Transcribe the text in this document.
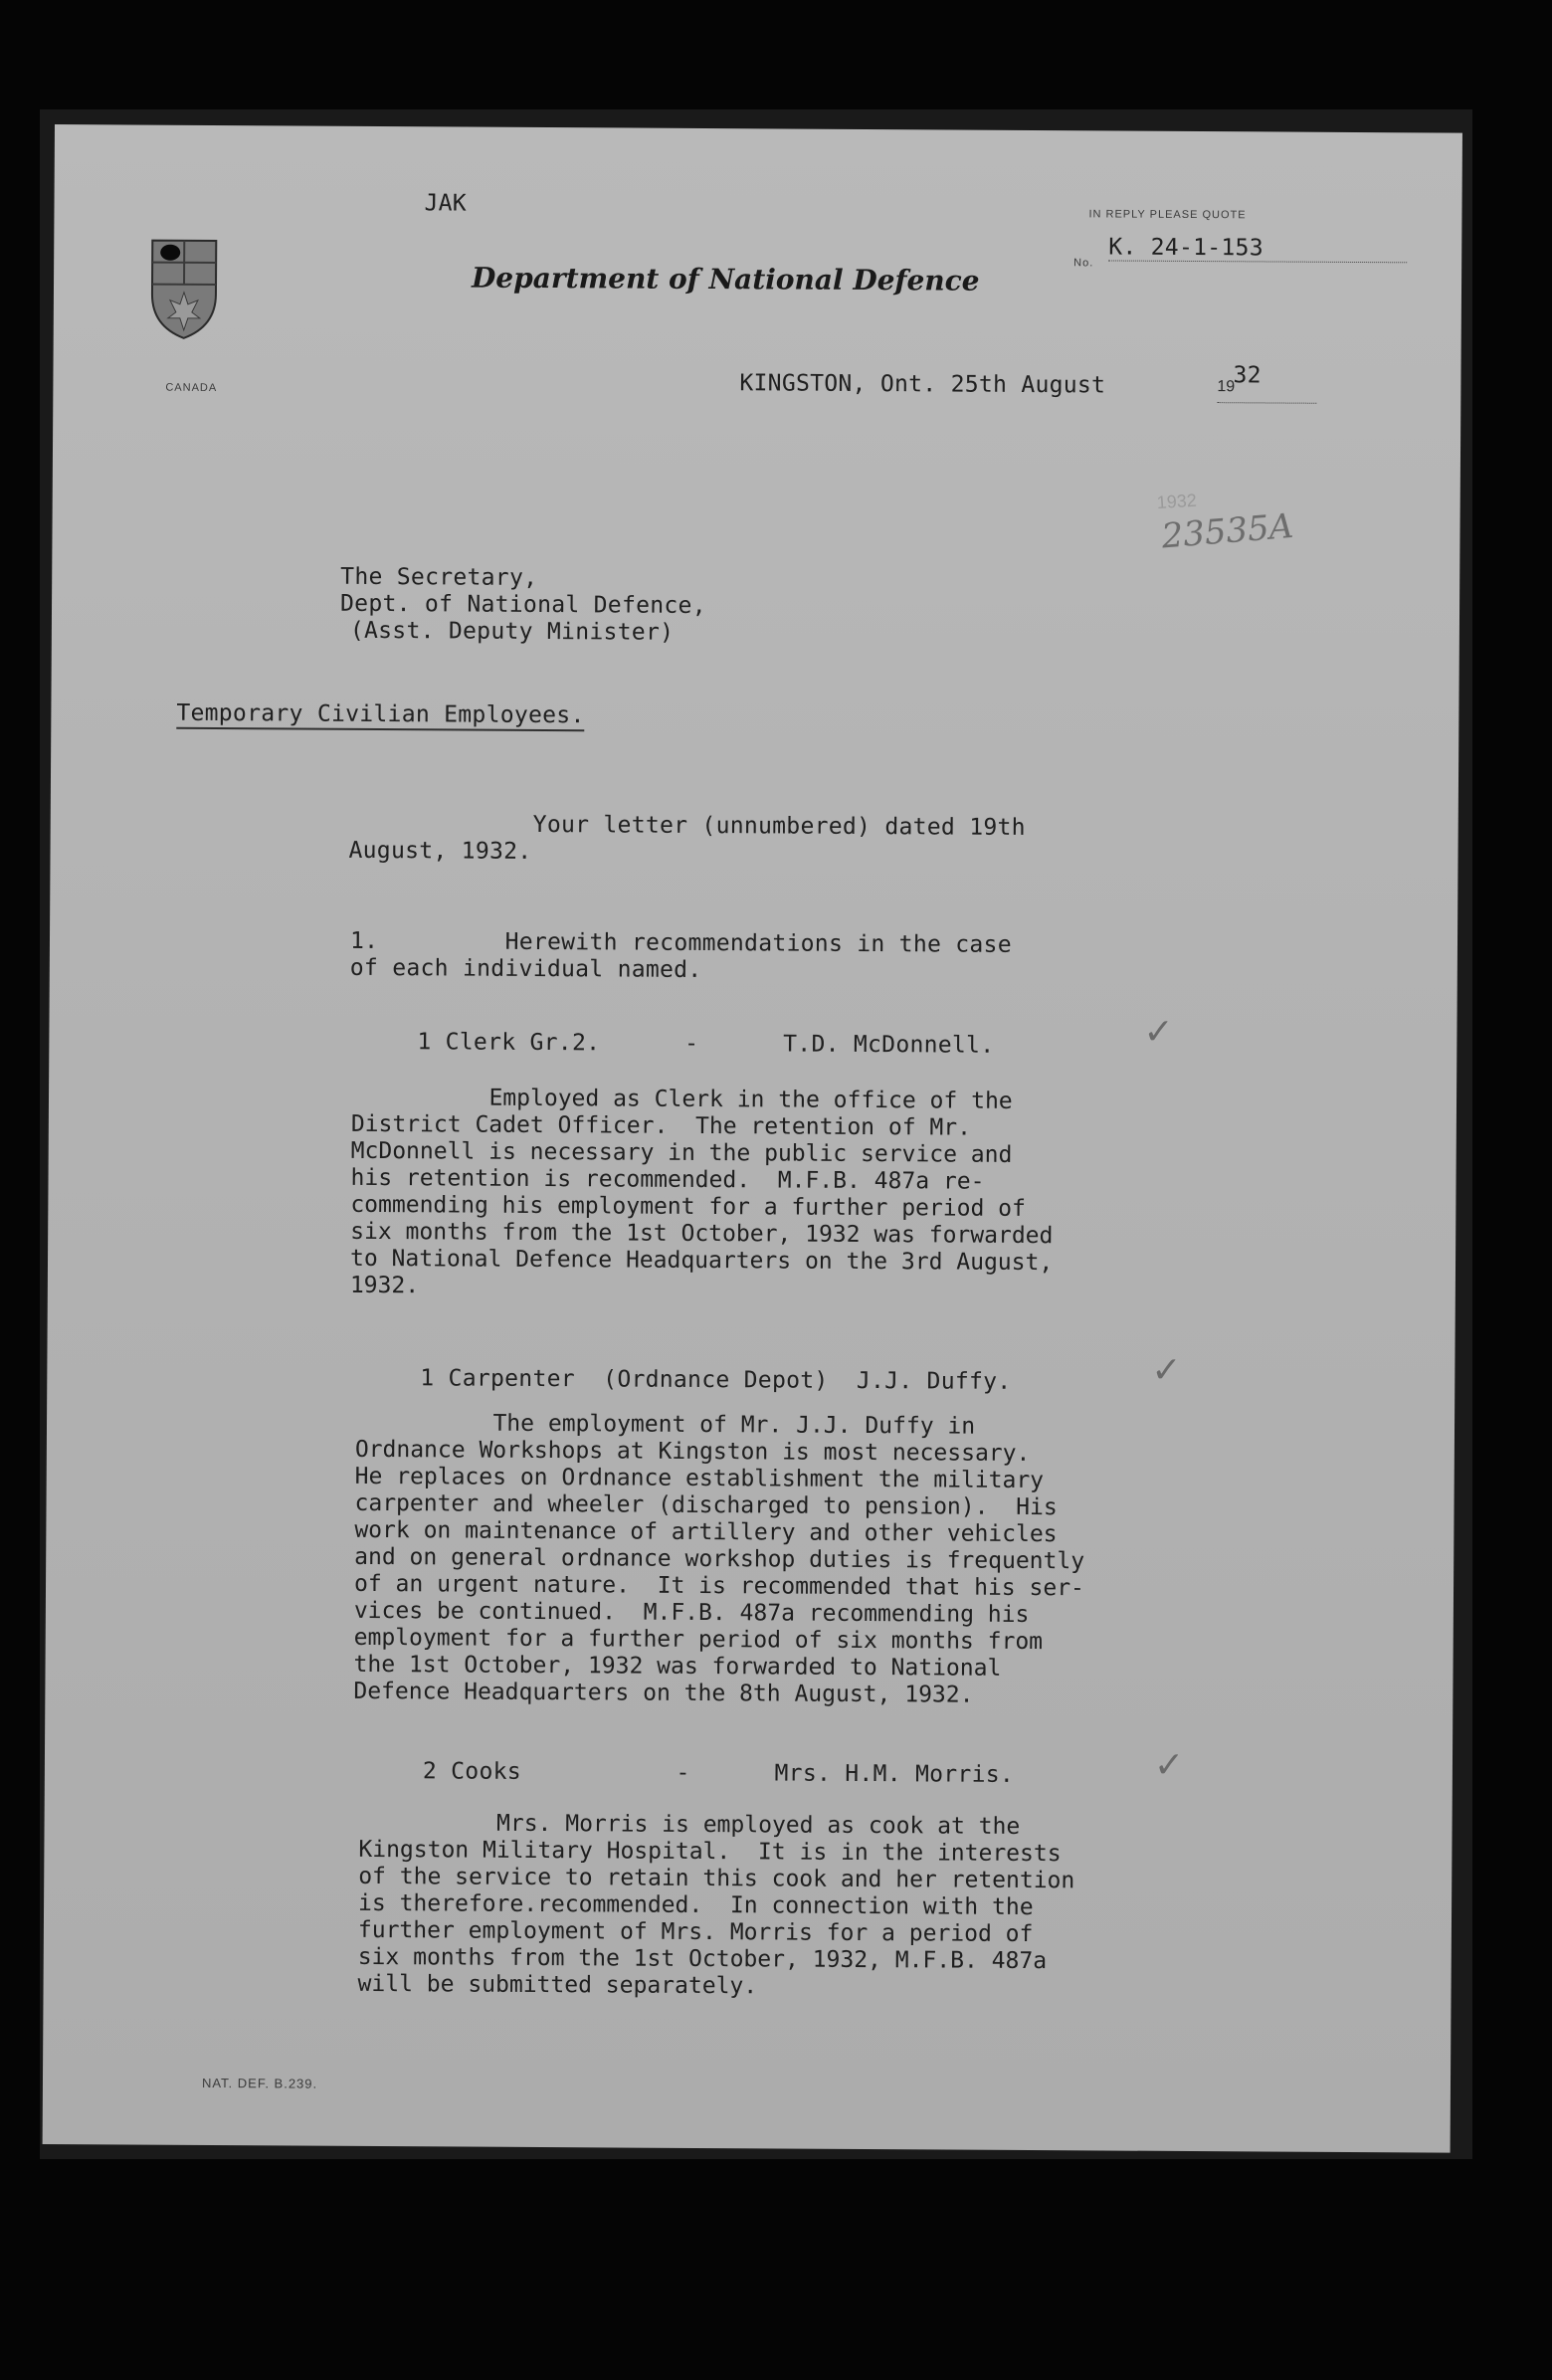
CANADA
JAK	IN REPLY PLEASE QUOTE
No.
K. 24-1-153
Department of National Defence
KINGSTON, Ont. 25th August	19
32
1932
23535A
The Secretary,
Dept. of National Defence,
(Asst. Deputy Minister)
Temporary Civilian Employees.
Your letter (unnumbered) dated 19th
August, 1932.
1.         Herewith recommendations in the case
of each individual named.
1 Clerk Gr.2.      -      T.D. McDonnell.	✓
Employed as Clerk in the office of the
District Cadet Officer.  The retention of Mr.
McDonnell is necessary in the public service and
his retention is recommended.  M.F.B. 487a re-
commending his employment for a further period of
six months from the 1st October, 1932 was forwarded
to National Defence Headquarters on the 3rd August,
1932.
1 Carpenter  (Ordnance Depot)  J.J. Duffy.	✓
The employment of Mr. J.J. Duffy in
Ordnance Workshops at Kingston is most necessary.
He replaces on Ordnance establishment the military
carpenter and wheeler (discharged to pension).  His
work on maintenance of artillery and other vehicles
and on general ordnance workshop duties is frequently
of an urgent nature.  It is recommended that his ser-
vices be continued.  M.F.B. 487a recommending his
employment for a further period of six months from
the 1st October, 1932 was forwarded to National
Defence Headquarters on the 8th August, 1932.
2 Cooks           -      Mrs. H.M. Morris.	✓
Mrs. Morris is employed as cook at the
Kingston Military Hospital.  It is in the interests
of the service to retain this cook and her retention
is therefore.recommended.  In connection with the
further employment of Mrs. Morris for a period of
six months from the 1st October, 1932, M.F.B. 487a
will be submitted separately.
NAT. DEF. B.239.
